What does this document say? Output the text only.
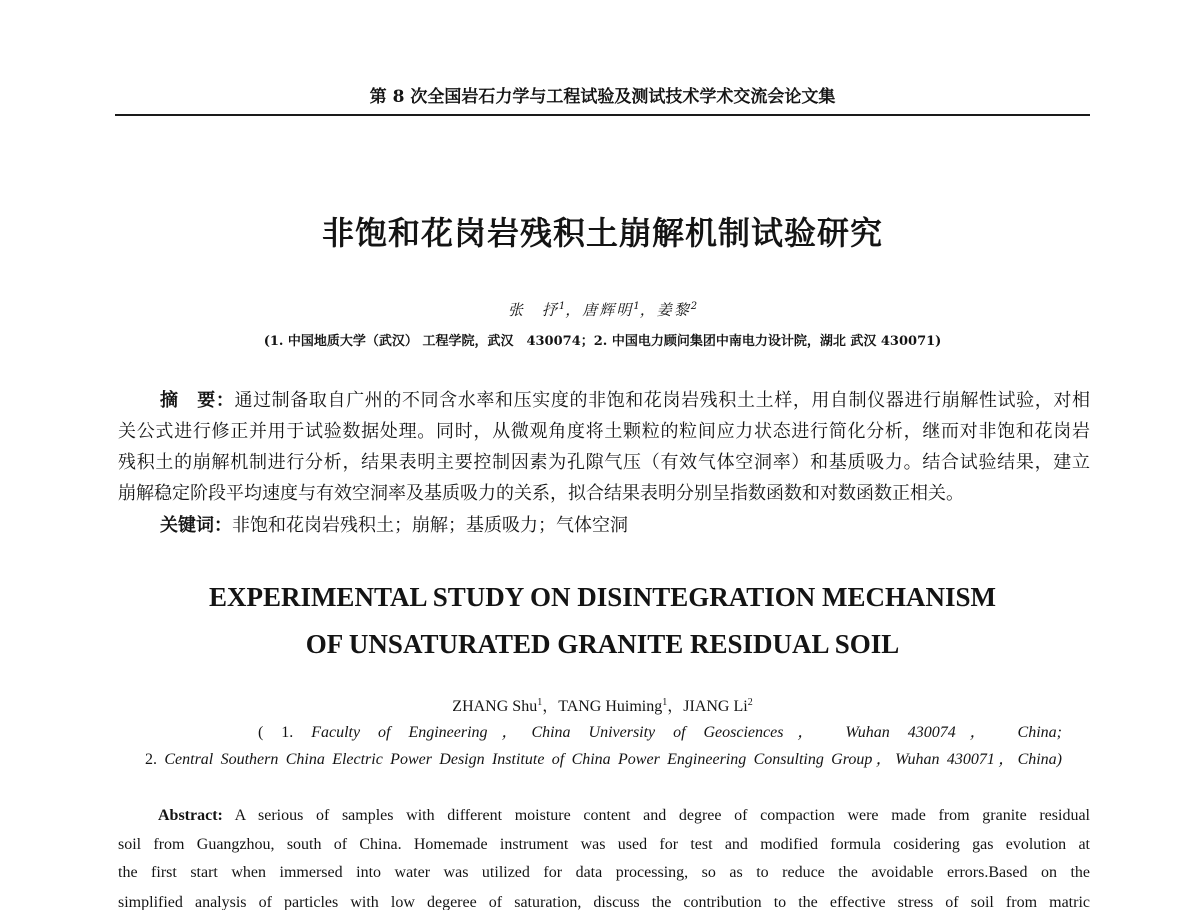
第 8 次全国岩石力学与工程试验及测试技术学术交流会论文集
非饱和花岗岩残积土崩解机制试验研究
张　抒$^1$，唐辉明$^1$，姜黎$^2$
(1. 中国地质大学（武汉） 工程学院，武汉　430074；2. 中国电力顾问集团中南电力设计院，湖北 武汉 430071)
摘　要：通过制备取自广州的不同含水率和压实度的非饱和花岗岩残积土土样，用自制仪器进行崩解性试验，对相
关公式进行修正并用于试验数据处理。同时，从微观角度将土颗粒的粒间应力状态进行简化分析，继而对非饱和花岗岩
残积土的崩解机制进行分析，结果表明主要控制因素为孔隙气压（有效气体空洞率）和基质吸力。结合试验结果，建立
崩解稳定阶段平均速度与有效空洞率及基质吸力的关系，拟合结果表明分别呈指数函数和对数函数正相关。
关键词：非饱和花岗岩残积土；崩解；基质吸力；气体空洞
EXPERIMENTAL STUDY ON DISINTEGRATION MECHANISM
OF UNSATURATED GRANITE RESIDUAL SOIL
ZHANG Shu$^1$，TANG Huiming$^1$，JIANG Li$^2$
( 1. Faculty of Engineering，China University of Geosciences， Wuhan 430074， China;
2. Central Southern China Electric Power Design Institute of China Power Engineering Consulting Group，Wuhan 430071，China)
Abstract: A serious of samples with different moisture content and degree of compaction were made from granite residual
soil from Guangzhou, south of China. Homemade instrument was used for test and modified formula cosidering gas evolution at
the first start when immersed into water was utilized for data processing, so as to reduce the avoidable errors.Based on the
simplified analysis of particles with low degeree of saturation, discuss the contribution to the effective stress of soil from matric
